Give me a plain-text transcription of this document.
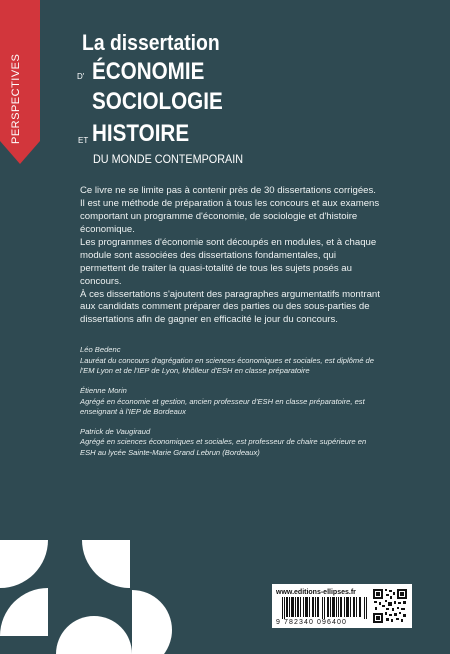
PERSPECTIVES
La dissertation
D' ÉCONOMIE
SOCIOLOGIE
ET HISTOIRE
DU MONDE CONTEMPORAIN

Ce livre ne se limite pas à contenir près de 30 dissertations corrigées. Il est une méthode de préparation à tous les concours et aux examens comportant un programme d'économie, de sociologie et d'histoire économique.

Les programmes d'économie sont découpés en modules, et à chaque module sont associées des dissertations fondamentales, qui permettent de traiter la quasi-totalité de tous les sujets posés au concours.

À ces dissertations s'ajoutent des paragraphes argumentatifs montrant aux candidats comment préparer des parties ou des sous-parties de dissertations afin de gagner en efficacité le jour du concours.

Léo Bedenc
Lauréat du concours d'agrégation en sciences économiques et sociales, est diplômé de l'EM Lyon et de l'IEP de Lyon, khôlleur d'ESH en classe préparatoire
Étienne Morin
Agrégé en économie et gestion, ancien professeur d'ESH en classe préparatoire, est enseignant à l'IEP de Bordeaux
Patrick de Vaugiraud
Agrégé en sciences économiques et sociales, est professeur de chaire supérieure en ESH au lycée Sainte-Marie Grand Lebrun (Bordeaux)
www.editions-ellipses.fr
9 782340 096400
